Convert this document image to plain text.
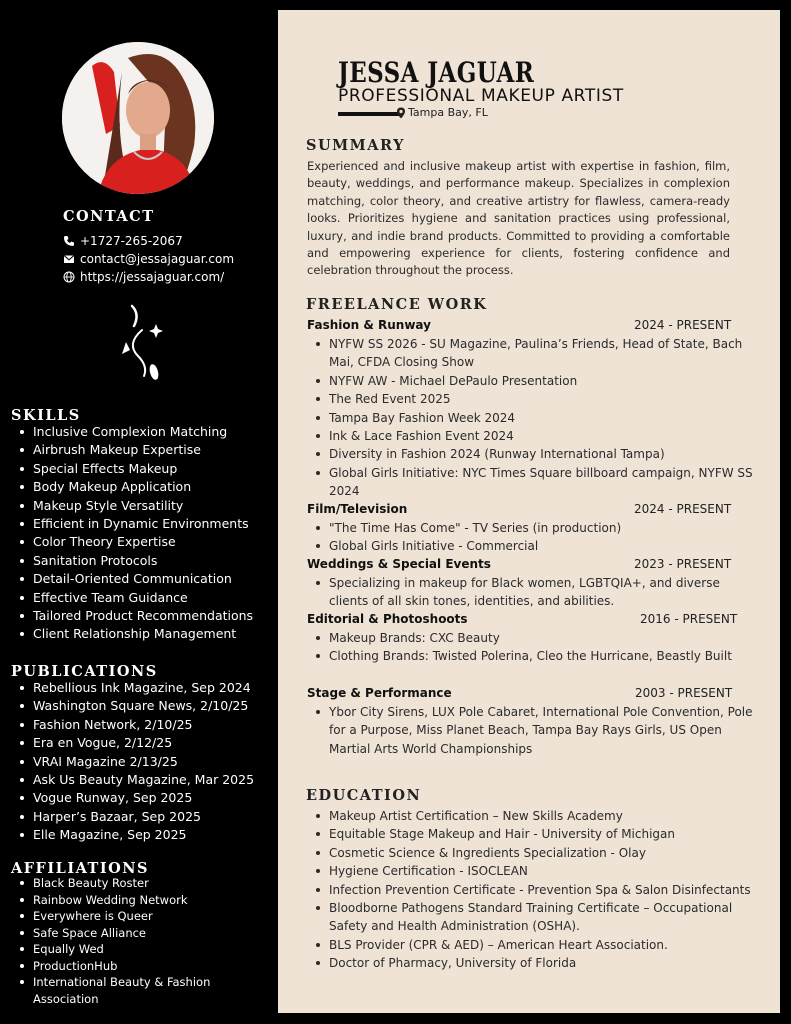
CONTACT
+1727-265-2067
contact@jessajaguar.com
https://jessajaguar.com/
SKILLS
Inclusive Complexion Matching
Airbrush Makeup Expertise
Special Effects Makeup
Body Makeup Application
Makeup Style Versatility
Efficient in Dynamic Environments
Color Theory Expertise
Sanitation Protocols
Detail-Oriented Communication
Effective Team Guidance
Tailored Product Recommendations
Client Relationship Management
PUBLICATIONS
Rebellious Ink Magazine, Sep 2024
Washington Square News, 2/10/25
Fashion Network, 2/10/25
Era en Vogue, 2/12/25
VRAI Magazine 2/13/25
Ask Us Beauty Magazine, Mar 2025
Vogue Runway, Sep 2025
Harper’s Bazaar, Sep 2025
Elle Magazine, Sep 2025
AFFILIATIONS
Black Beauty Roster
Rainbow Wedding Network
Everywhere is Queer
Safe Space Alliance
Equally Wed
ProductionHub
International Beauty & Fashion Association
JESSA JAGUAR
PROFESSIONAL MAKEUP ARTIST
Tampa Bay, FL
SUMMARY

Experienced and inclusive makeup artist with expertise in fashion, film, beauty, weddings, and performance makeup. Specializes in complexion matching, color theory, and creative artistry for flawless, camera-ready looks. Prioritizes hygiene and sanitation practices using professional, luxury, and indie brand products. Committed to providing a comfortable and empowering experience for clients, fostering confidence and celebration throughout the process.

FREELANCE WORK
Fashion & Runway	2024 - PRESENT
NYFW SS 2026 - SU Magazine, Paulina’s Friends, Head of State, Bach Mai, CFDA Closing Show
NYFW AW - Michael DePaulo Presentation
The Red Event 2025
Tampa Bay Fashion Week 2024
Ink & Lace Fashion Event 2024
Diversity in Fashion 2024 (Runway International Tampa)
Global Girls Initiative: NYC Times Square billboard campaign, NYFW SS 2024
Film/Television	2024 - PRESENT
"The Time Has Come" - TV Series (in production)
Global Girls Initiative - Commercial
Weddings & Special Events	2023 - PRESENT
Specializing in makeup for Black women, LGBTQIA+, and diverse clients of all skin tones, identities, and abilities.
Editorial & Photoshoots	2016 - PRESENT
Makeup Brands: CXC Beauty
Clothing Brands: Twisted Polerina, Cleo the Hurricane, Beastly Built
Stage & Performance	2003 - PRESENT
Ybor City Sirens, LUX Pole Cabaret, International Pole Convention, Pole for a Purpose, Miss Planet Beach, Tampa Bay Rays Girls, US Open Martial Arts World Championships
EDUCATION
Makeup Artist Certification – New Skills Academy
Equitable Stage Makeup and Hair - University of Michigan
Cosmetic Science & Ingredients Specialization - Olay
Hygiene Certification - ISOCLEAN
Infection Prevention Certificate - Prevention Spa & Salon Disinfectants
Bloodborne Pathogens Standard Training Certificate – Occupational Safety and Health Administration (OSHA).
BLS Provider (CPR & AED) – American Heart Association.
Doctor of Pharmacy, University of Florida
